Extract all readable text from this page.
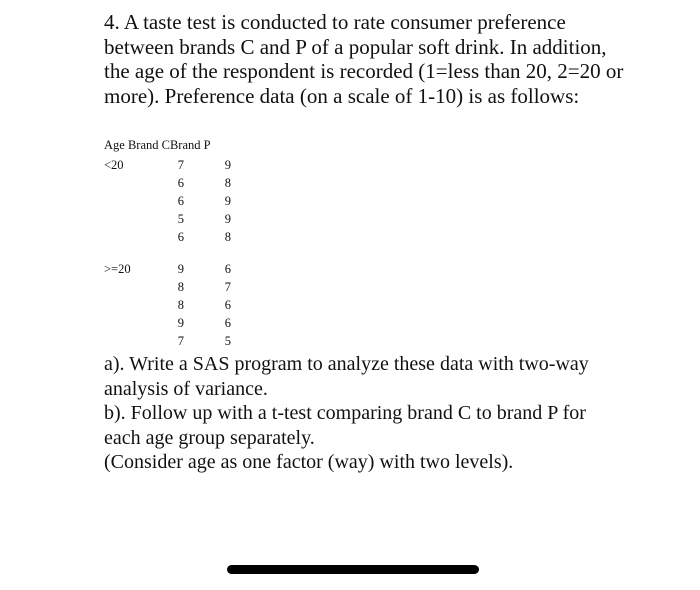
4. A taste test is conducted to rate consumer preference between brands C and P of a popular soft drink. In addition, the age of the respondent is recorded (1=less than 20, 2=20 or more). Preference data (on a scale of 1-10) is as follows:

Age Brand CBrand P
<20	7
6
6
5
6
9
8
9
9
8
>=20	9
8
8
9
7
6
7
6
6
5

a). Write a SAS program to analyze these data with two-way analysis of variance.

b). Follow up with a t-test comparing brand C to brand P for each age group separately.

(Consider age as one factor (way) with two levels).
